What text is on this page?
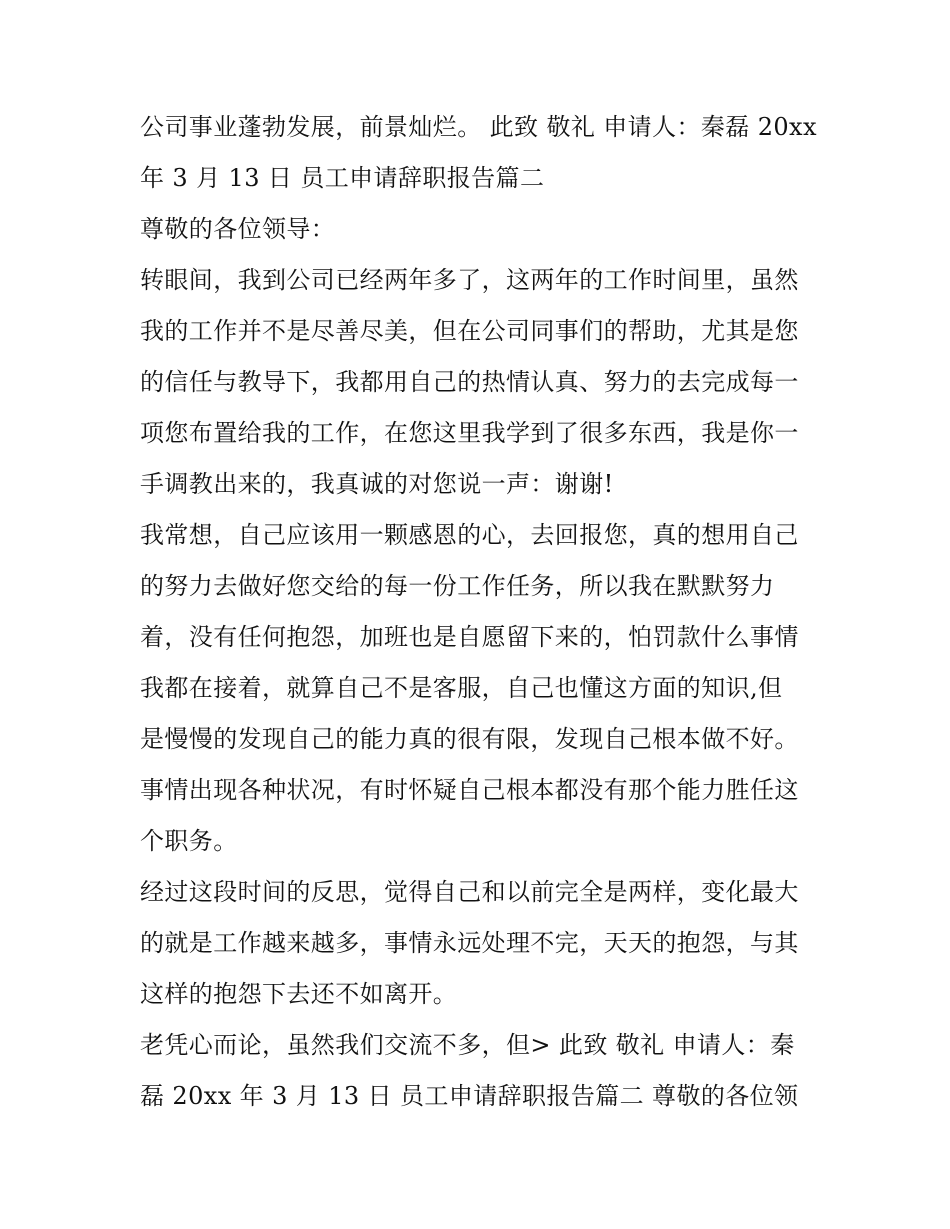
公司事业蓬勃发展，前景灿烂。 此致 敬礼 申请人：秦磊 20xx
年 3 月 13 日 员工申请辞职报告篇二
尊敬的各位领导：
转眼间，我到公司已经两年多了，这两年的工作时间里，虽然
我的工作并不是尽善尽美，但在公司同事们的帮助，尤其是您
的信任与教导下，我都用自己的热情认真、努力的去完成每一
项您布置给我的工作，在您这里我学到了很多东西，我是你一
手调教出来的，我真诚的对您说一声：谢谢!
我常想，自己应该用一颗感恩的心，去回报您，真的想用自己
的努力去做好您交给的每一份工作任务，所以我在默默努力
着，没有任何抱怨，加班也是自愿留下来的，怕罚款什么事情
我都在接着，就算自己不是客服，自己也懂这方面的知识,但
是慢慢的发现自己的能力真的很有限，发现自己根本做不好。
事情出现各种状况，有时怀疑自己根本都没有那个能力胜任这
个职务。
经过这段时间的反思，觉得自己和以前完全是两样，变化最大
的就是工作越来越多，事情永远处理不完，天天的抱怨，与其
这样的抱怨下去还不如离开。
老凭心而论，虽然我们交流不多，但> 此致 敬礼 申请人：秦
磊 20xx 年 3 月 13 日 员工申请辞职报告篇二 尊敬的各位领
